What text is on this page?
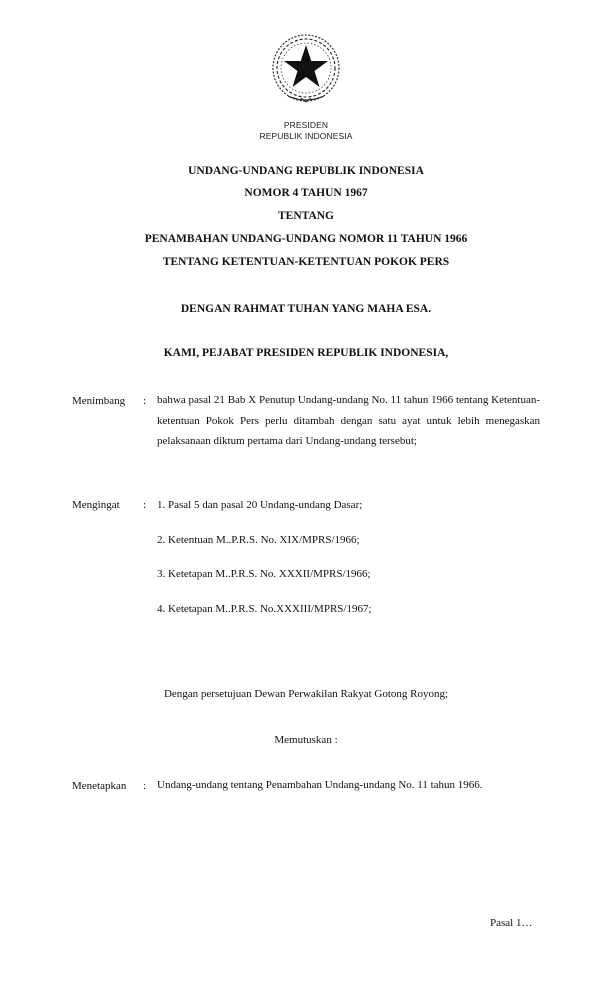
PRESIDEN
REPUBLIK INDONESIA
UNDANG-UNDANG REPUBLIK INDONESIA
NOMOR 4 TAHUN 1967
TENTANG
PENAMBAHAN UNDANG-UNDANG NOMOR 11 TAHUN 1966
TENTANG KETENTUAN-KETENTUAN POKOK PERS
DENGAN RAHMAT TUHAN YANG MAHA ESA.
KAMI, PEJABAT PRESIDEN REPUBLIK INDONESIA,
Menimbang : bahwa pasal 21 Bab X Penutup Undang-undang No. 11 tahun 1966 tentang Ketentuan-ketentuan Pokok Pers perlu ditambah dengan satu ayat untuk lebih menegaskan pelaksanaan diktum pertama dari Undang-undang tersebut;
Mengingat : 1. Pasal 5 dan pasal 20 Undang-undang Dasar;
2. Ketentuan M..P.R.S. No. XIX/MPRS/1966;
3. Ketetapan M..P.R.S. No. XXXII/MPRS/1966;
4. Ketetapan M..P.R.S. No.XXXIII/MPRS/1967;
Dengan persetujuan Dewan Perwakilan Rakyat Gotong Royong;
Memutuskan :
Menetapkan : Undang-undang tentang Penambahan Undang-undang No. 11 tahun 1966.
Pasal 1…
